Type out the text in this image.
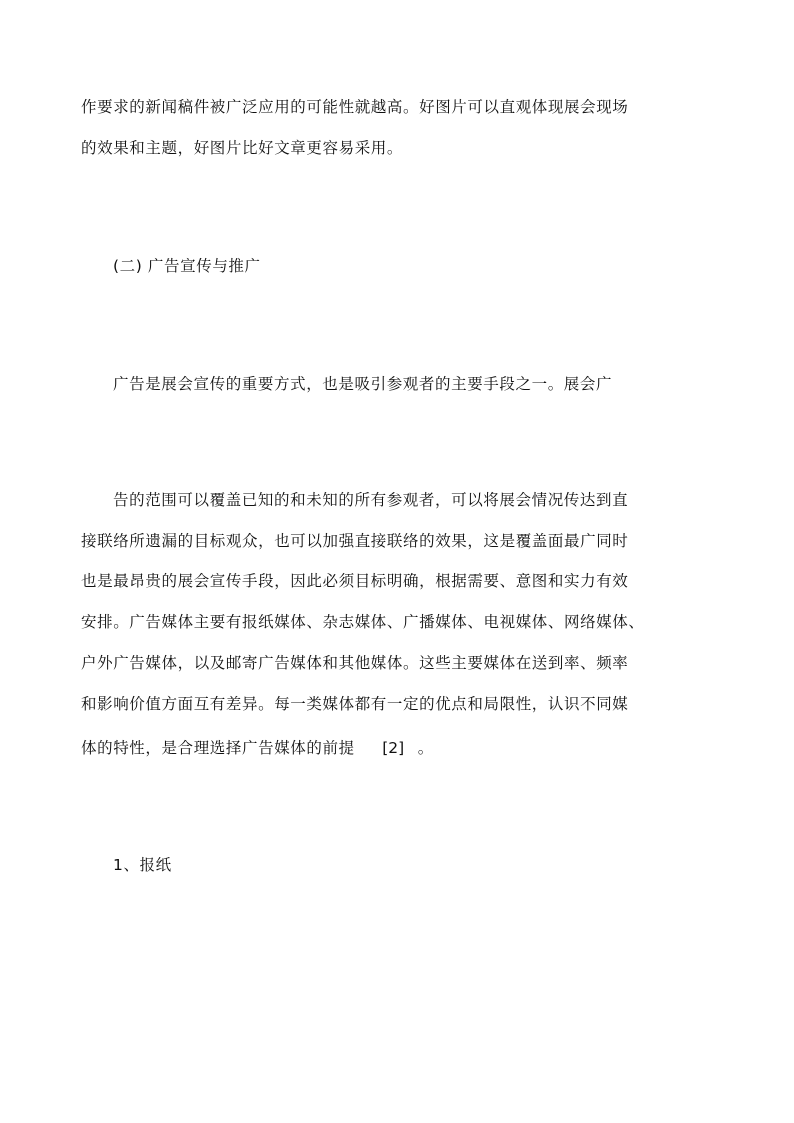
作要求的新闻稿件被广泛应用的可能性就越高。好图片可以直观体现展会现场
的效果和主题，好图片比好文章更容易采用。
(二) 广告宣传与推广
广告是展会宣传的重要方式，也是吸引参观者的主要手段之一。展会广
告的范围可以覆盖已知的和未知的所有参观者，可以将展会情况传达到直
接联络所遗漏的目标观众，也可以加强直接联络的效果，这是覆盖面最广同时
也是最昂贵的展会宣传手段，因此必须目标明确，根据需要、意图和实力有效
安排。广告媒体主要有报纸媒体、杂志媒体、广播媒体、电视媒体、网络媒体、
户外广告媒体，以及邮寄广告媒体和其他媒体。这些主要媒体在送到率、频率
和影响价值方面互有差异。每一类媒体都有一定的优点和局限性，认识不同媒
体的特性，是合理选择广告媒体的前提 [2] 。
1、报纸
